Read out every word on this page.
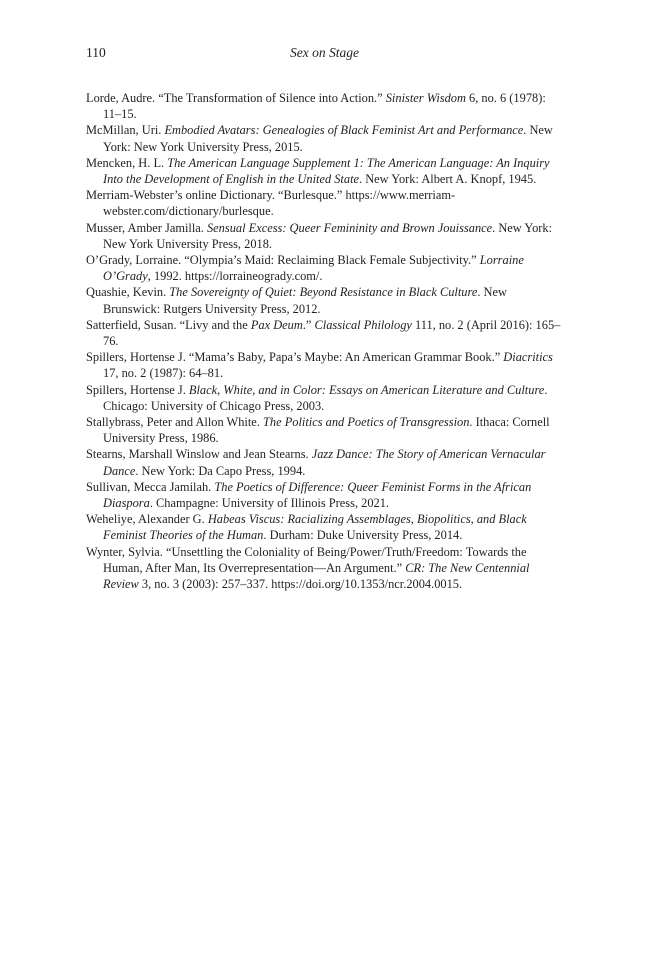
110	Sex on Stage
Lorde, Audre. “The Transformation of Silence into Action.” Sinister Wisdom 6, no. 6 (1978): 11–15.
McMillan, Uri. Embodied Avatars: Genealogies of Black Feminist Art and Performance. New York: New York University Press, 2015.
Mencken, H. L. The American Language Supplement 1: The American Language: An Inquiry Into the Development of English in the United State. New York: Albert A. Knopf, 1945.
Merriam-Webster’s online Dictionary. “Burlesque.” https://www.merriam-webster.com/dictionary/burlesque.
Musser, Amber Jamilla. Sensual Excess: Queer Femininity and Brown Jouissance. New York: New York University Press, 2018.
O’Grady, Lorraine. “Olympia’s Maid: Reclaiming Black Female Subjectivity.” Lorraine O’Grady, 1992. https://lorraineogrady.com/.
Quashie, Kevin. The Sovereignty of Quiet: Beyond Resistance in Black Culture. New Brunswick: Rutgers University Press, 2012.
Satterfield, Susan. “Livy and the Pax Deum.” Classical Philology 111, no. 2 (April 2016): 165–76.
Spillers, Hortense J. “Mama’s Baby, Papa’s Maybe: An American Grammar Book.” Diacritics 17, no. 2 (1987): 64–81.
Spillers, Hortense J. Black, White, and in Color: Essays on American Literature and Culture. Chicago: University of Chicago Press, 2003.
Stallybrass, Peter and Allon White. The Politics and Poetics of Transgression. Ithaca: Cornell University Press, 1986.
Stearns, Marshall Winslow and Jean Stearns. Jazz Dance: The Story of American Vernacular Dance. New York: Da Capo Press, 1994.
Sullivan, Mecca Jamilah. The Poetics of Difference: Queer Feminist Forms in the African Diaspora. Champagne: University of Illinois Press, 2021.
Weheliye, Alexander G. Habeas Viscus: Racializing Assemblages, Biopolitics, and Black Feminist Theories of the Human. Durham: Duke University Press, 2014.
Wynter, Sylvia. “Unsettling the Coloniality of Being/Power/Truth/Freedom: Towards the Human, After Man, Its Overrepresentation—An Argument.” CR: The New Centennial Review 3, no. 3 (2003): 257–337. https://doi.org/10.1353/ncr.2004.0015.
